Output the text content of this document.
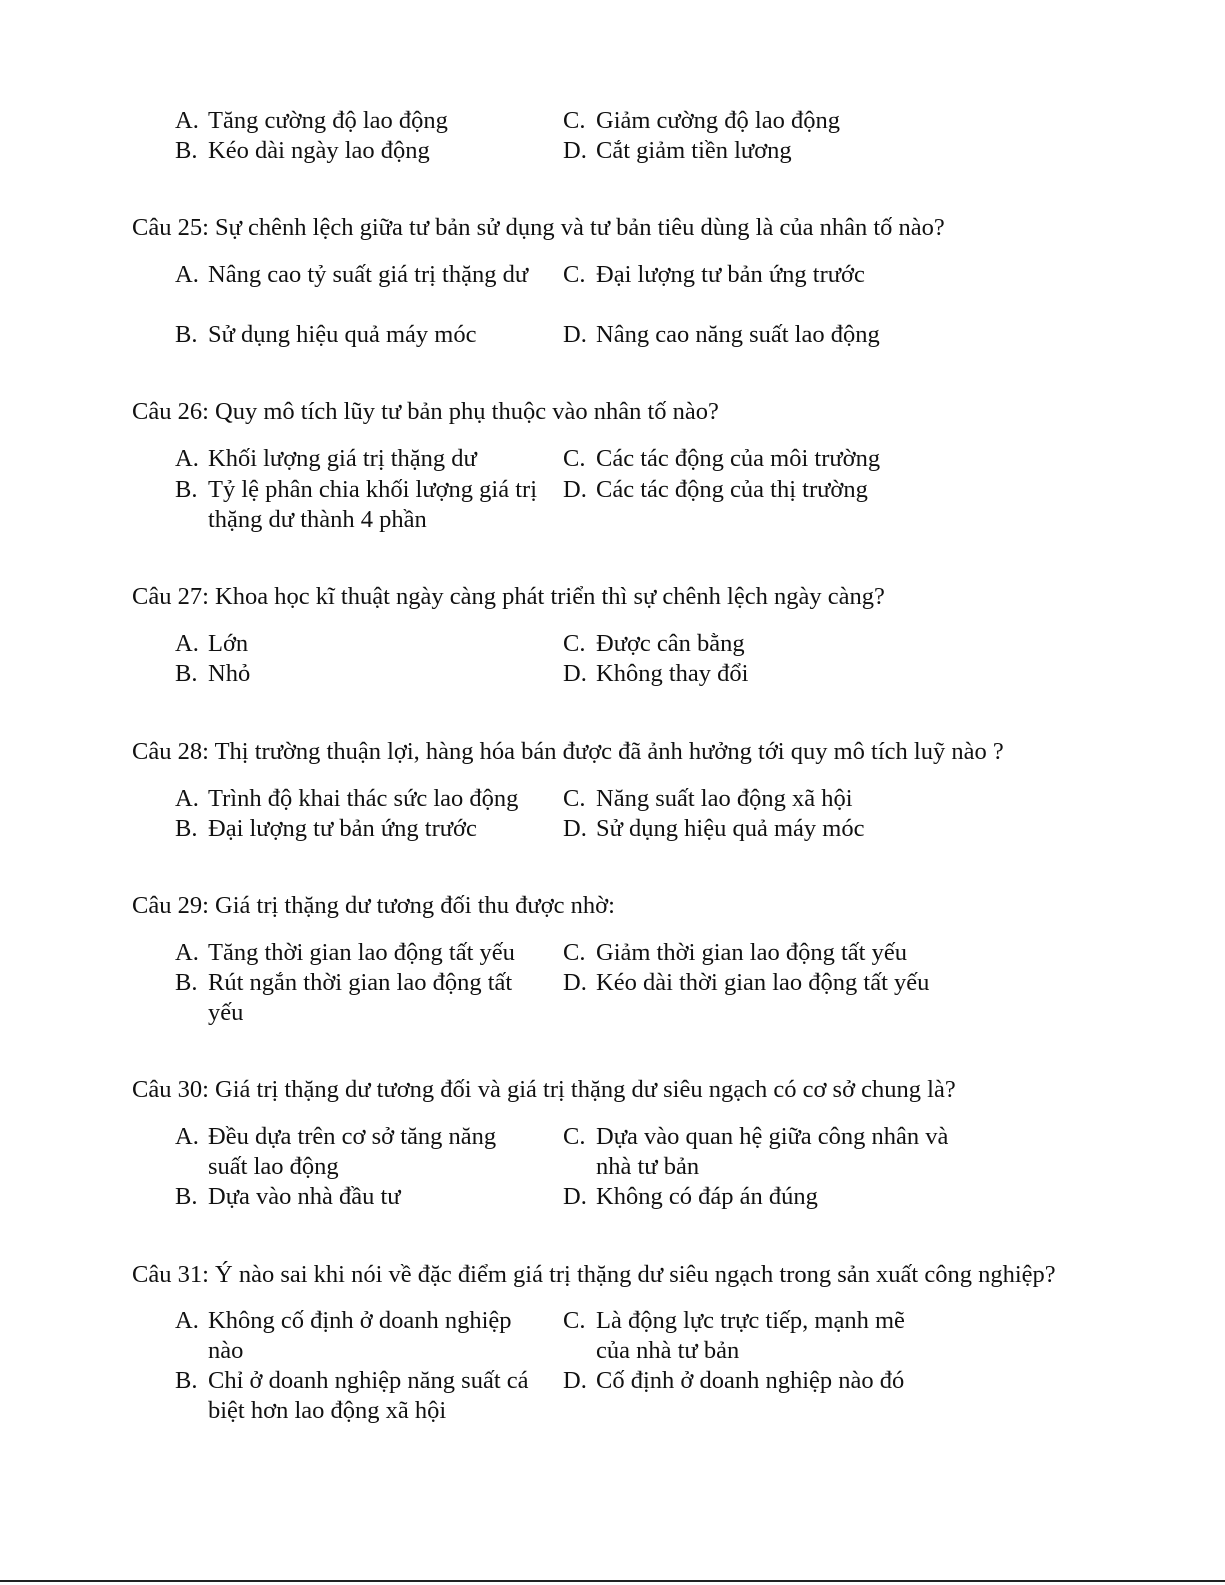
A. Tăng cường độ lao động	C. Giảm cường độ lao động
B. Kéo dài ngày lao động	D. Cắt giảm tiền lương
Câu 25: Sự chênh lệch giữa tư bản sử dụng và tư bản tiêu dùng là của nhân tố nào?
A. Nâng cao tỷ suất giá trị thặng dư	C. Đại lượng tư bản ứng trước
B. Sử dụng hiệu quả máy móc	D. Nâng cao năng suất lao động
Câu 26: Quy mô tích lũy tư bản phụ thuộc vào nhân tố nào?
A. Khối lượng giá trị thặng dư	C. Các tác động của môi trường
B. Tỷ lệ phân chia khối lượng giá trị thặng dư thành 4 phần
D. Các tác động của thị trường
Câu 27: Khoa học kĩ thuật ngày càng phát triển thì sự chênh lệch ngày càng?
A. Lớn	C. Được cân bằng
B. Nhỏ	D. Không thay đổi
Câu 28: Thị trường thuận lợi, hàng hóa bán được đã ảnh hưởng tới quy mô tích luỹ nào ?
A. Trình độ khai thác sức lao động C. Năng suất lao động xã hội
B. Đại lượng tư bản ứng trước	D. Sử dụng hiệu quả máy móc
Câu 29: Giá trị thặng dư tương đối thu được nhờ:
A. Tăng thời gian lao động tất yếu C. Giảm thời gian lao động tất yếu
B. Rút ngắn thời gian lao động tất yếu
D. Kéo dài thời gian lao động tất yếu
Câu 30: Giá trị thặng dư tương đối và giá trị thặng dư siêu ngạch có cơ sở chung là?
A. Đều dựa trên cơ sở tăng năng suất lao động
C. Dựa vào quan hệ giữa công nhân và nhà tư bản
B. Dựa vào nhà đầu tư	D. Không có đáp án đúng
Câu 31: Ý nào sai khi nói về đặc điểm giá trị thặng dư siêu ngạch trong sản xuất công nghiệp?
A. Không cố định ở doanh nghiệp nào
C. Là động lực trực tiếp, mạnh mẽ của nhà tư bản
B. Chỉ ở doanh nghiệp năng suất cá biệt hơn lao động xã hội
D. Cố định ở doanh nghiệp nào đó
